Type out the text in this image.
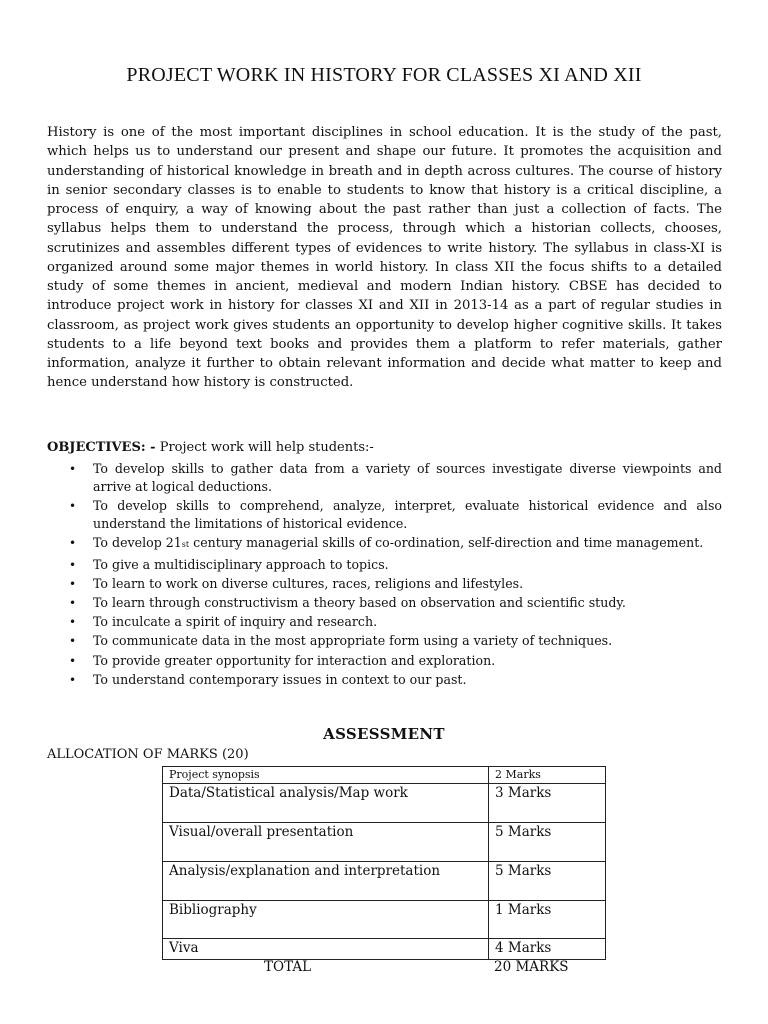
PROJECT WORK IN HISTORY FOR CLASSES XI AND XII

History is one of the most important disciplines in school education. It is the study of the past, which helps us to understand our present and shape our future. It promotes the acquisition and understanding of historical knowledge in breath and in depth across cultures. The course of history in senior secondary classes is to enable to students to know that history is a critical discipline, a process of enquiry, a way of knowing about the past rather than just a collection of facts. The syllabus helps them to understand the process, through which a historian collects, chooses, scrutinizes and assembles different types of evidences to write history. The syllabus in class-XI is organized around some major themes in world history. In class XII the focus shifts to a detailed study of some themes in ancient, medieval and modern Indian history. CBSE has decided to introduce project work in history for classes XI and XII in 2013-14 as a part of regular studies in classroom, as project work gives students an opportunity to develop higher cognitive skills. It takes students to a life beyond text books and provides them a platform to refer materials, gather information, analyze it further to obtain relevant information and decide what matter to keep and hence understand how history is constructed.

OBJECTIVES: - Project work will help students:-

• To develop skills to gather data from a variety of sources investigate diverse viewpoints and arrive at logical deductions.
• To develop skills to comprehend, analyze, interpret, evaluate historical evidence and also understand the limitations of historical evidence.
• To develop 21st century managerial skills of co-ordination, self-direction and time management.
• To give a multidisciplinary approach to topics.
• To learn to work on diverse cultures, races, religions and lifestyles.
• To learn through constructivism a theory based on observation and scientific study.
• To inculcate a spirit of inquiry and research.
• To communicate data in the most appropriate form using a variety of techniques.
• To provide greater opportunity for interaction and exploration.
• To understand contemporary issues in context to our past.
ASSESSMENT

ALLOCATION OF MARKS (20)

Project synopsis	2 Marks
Data/Statistical analysis/Map work	3 Marks
Visual/overall presentation	5 Marks
Analysis/explanation and interpretation	5 Marks
Bibliography	1 Marks
Viva	4 Marks
TOTAL	20 MARKS
